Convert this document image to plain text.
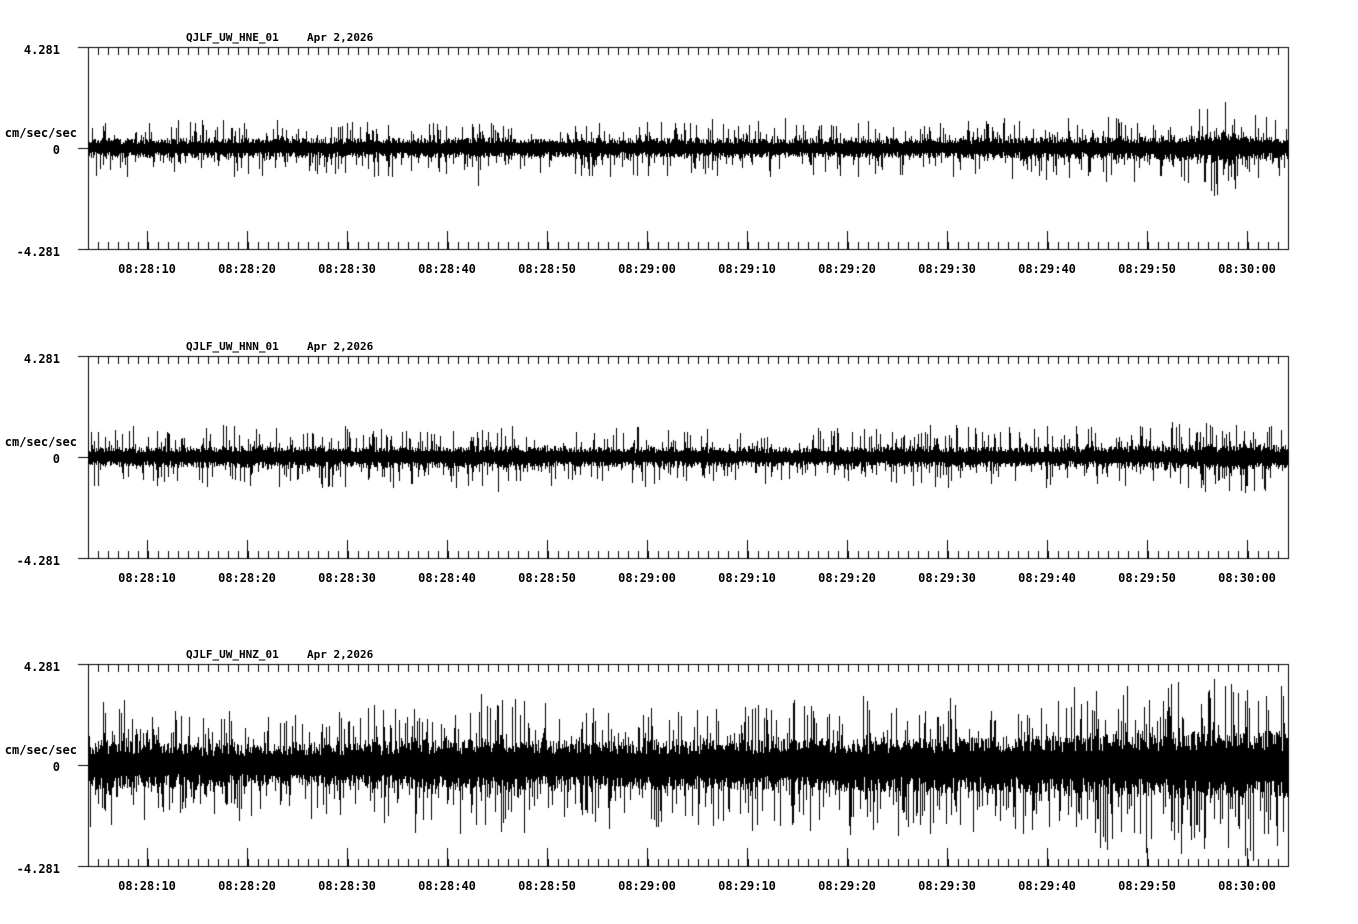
QJLF_UW_HNE_01	Apr 2,2026
4.281
cm/sec/sec
0
-4.281
08:28:10	08:28:20	08:28:30	08:28:40	08:28:50	08:29:00	08:29:10	08:29:20	08:29:30	08:29:40	08:29:50	08:30:00
QJLF_UW_HNN_01	Apr 2,2026
4.281
cm/sec/sec
0
-4.281
08:28:10	08:28:20	08:28:30	08:28:40	08:28:50	08:29:00	08:29:10	08:29:20	08:29:30	08:29:40	08:29:50	08:30:00
QJLF_UW_HNZ_01	Apr 2,2026
4.281
cm/sec/sec
0
-4.281
08:28:10	08:28:20	08:28:30	08:28:40	08:28:50	08:29:00	08:29:10	08:29:20	08:29:30	08:29:40	08:29:50	08:30:00
